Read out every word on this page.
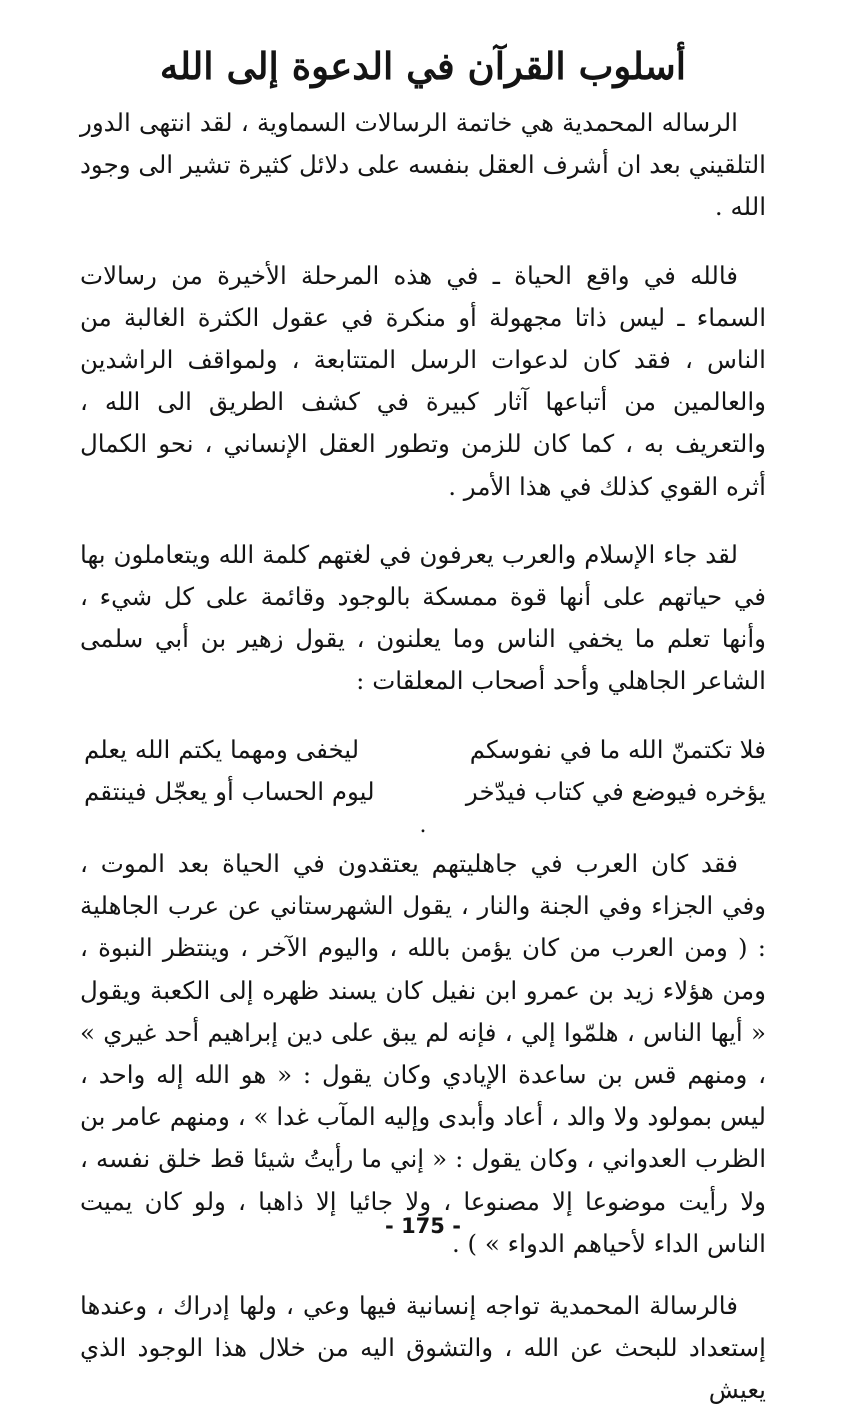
أسلوب القرآن في الدعوة إلى الله

الرساله المحمدية هي خاتمة الرسالات السماوية ، لقد انتهى الدور التلقيني بعد ان أشرف العقل بنفسه على دلائل كثيرة تشير الى وجود الله .

فالله في واقع الحياة ـ في هذه المرحلة الأخيرة من رسالات السماء ـ ليس ذاتا مجهولة أو منكرة في عقول الكثرة الغالبة من الناس ، فقد كان لدعوات الرسل المتتابعة ، ولمواقف الراشدين والعالمين من أتباعها آثار كبيرة في كشف الطريق الى الله ، والتعريف به ، كما كان للزمن وتطور العقل الإنساني ، نحو الكمال أثره القوي كذلك في هذا الأمر .

لقد جاء الإسلام والعرب يعرفون في لغتهم كلمة الله ويتعاملون بها في حياتهم على أنها قوة ممسكة بالوجود وقائمة على كل شيء ، وأنها تعلم ما يخفي الناس وما يعلنون ، يقول زهير بن أبي سلمى الشاعر الجاهلي وأحد أصحاب المعلقات :

فلا تكتمنّ الله ما في نفوسكم
ليخفى ومهما يكتم الله يعلم
يؤخره فيوضع في كتاب فيدّخر
ليوم الحساب أو يعجّل فينتقم
.

فقد كان العرب في جاهليتهم يعتقدون في الحياة بعد الموت ، وفي الجزاء وفي الجنة والنار ، يقول الشهرستاني عن عرب الجاهلية : ( ومن العرب من كان يؤمن بالله ، واليوم الآخر ، وينتظر النبوة ، ومن هؤلاء زيد بن عمرو ابن نفيل كان يسند ظهره إلى الكعبة ويقول « أيها الناس ، هلمّوا إلي ، فإنه لم يبق على دين إبراهيم أحد غيري » ، ومنهم قس بن ساعدة الإيادي وكان يقول : « هو الله إله واحد ، ليس بمولود ولا والد ، أعاد وأبدى وإليه المآب غدا » ، ومنهم عامر بن الظرب العدواني ، وكان يقول : « إني ما رأيتُ شيئا قط خلق نفسه ، ولا رأيت موضوعا إلا مصنوعا ، ولا جائيا إلا ذاهبا ، ولو كان يميت الناس الداء لأحياهم الدواء » ) .

فالرسالة المحمدية تواجه إنسانية فيها وعي ، ولها إدراك ، وعندها إستعداد للبحث عن الله ، والتشوق اليه من خلال هذا الوجود الذي يعيش

- 175 -
